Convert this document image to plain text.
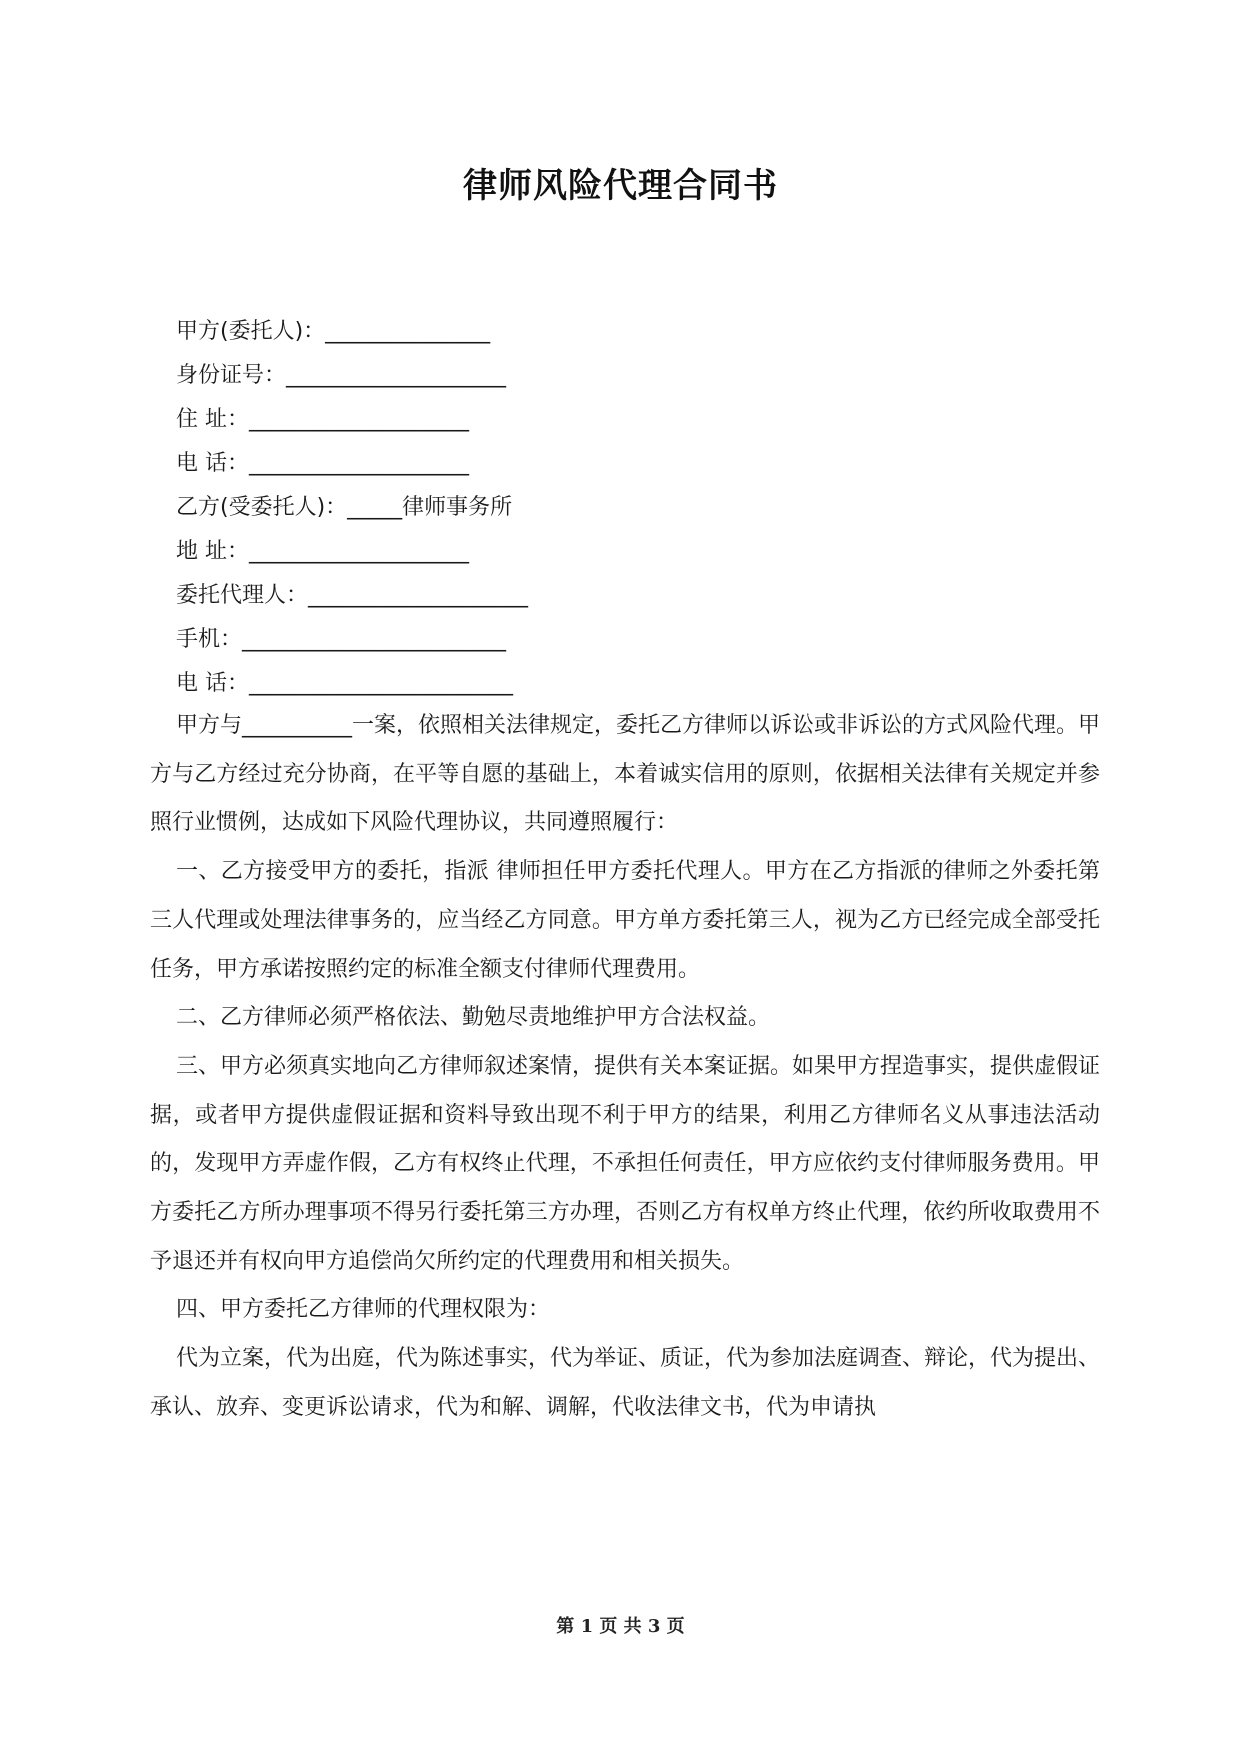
律师风险代理合同书
甲方(委托人)：_______________
身份证号：____________________
住 址：____________________
电 话：____________________
乙方(受委托人)：_____律师事务所
地 址：____________________
委托代理人：____________________
手机：________________________
电 话：________________________

甲方与__________一案，依照相关法律规定，委托乙方律师以诉讼或非诉讼的方式风险代理。甲方与乙方经过充分协商，在平等自愿的基础上，本着诚实信用的原则，依据相关法律有关规定并参照行业惯例，达成如下风险代理协议，共同遵照履行：

一、乙方接受甲方的委托，指派 律师担任甲方委托代理人。甲方在乙方指派的律师之外委托第三人代理或处理法律事务的，应当经乙方同意。甲方单方委托第三人，视为乙方已经完成全部受托任务，甲方承诺按照约定的标准全额支付律师代理费用。

二、乙方律师必须严格依法、勤勉尽责地维护甲方合法权益。

三、甲方必须真实地向乙方律师叙述案情，提供有关本案证据。如果甲方捏造事实，提供虚假证据，或者甲方提供虚假证据和资料导致出现不利于甲方的结果，利用乙方律师名义从事违法活动的，发现甲方弄虚作假，乙方有权终止代理，不承担任何责任，甲方应依约支付律师服务费用。甲方委托乙方所办理事项不得另行委托第三方办理，否则乙方有权单方终止代理，依约所收取费用不予退还并有权向甲方追偿尚欠所约定的代理费用和相关损失。

四、甲方委托乙方律师的代理权限为：

代为立案，代为出庭，代为陈述事实，代为举证、质证，代为参加法庭调查、辩论，代为提出、承认、放弃、变更诉讼请求，代为和解、调解，代收法律文书，代为申请执

第 1 页 共 3 页
